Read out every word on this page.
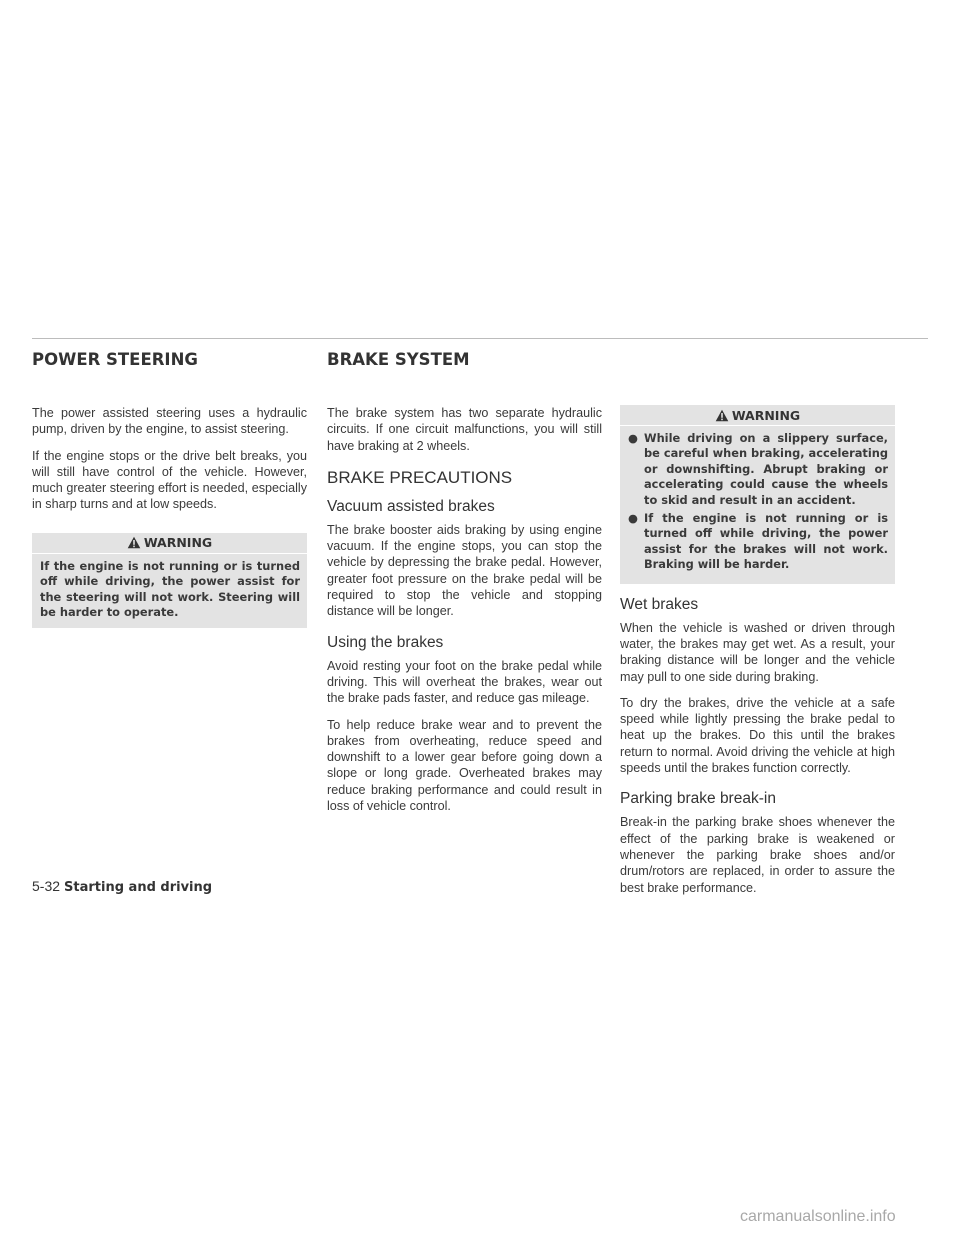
POWER STEERING	BRAKE SYSTEM

The power assisted steering uses a hydraulic pump, driven by the engine, to assist steering.

If the engine stops or the drive belt breaks, you will still have control of the vehicle. However, much greater steering effort is needed, especially in sharp turns and at low speeds.

WARNING
If the engine is not running or is turned off while driving, the power assist for the steering will not work. Steering will be harder to operate.

The brake system has two separate hydraulic circuits. If one circuit malfunctions, you will still have braking at 2 wheels.

BRAKE PRECAUTIONS
Vacuum assisted brakes

The brake booster aids braking by using engine vacuum. If the engine stops, you can stop the vehicle by depressing the brake pedal. However, greater foot pressure on the brake pedal will be required to stop the vehicle and stopping distance will be longer.

Using the brakes

Avoid resting your foot on the brake pedal while driving. This will overheat the brakes, wear out the brake pads faster, and reduce gas mileage.

To help reduce brake wear and to prevent the brakes from overheating, reduce speed and downshift to a lower gear before going down a slope or long grade. Overheated brakes may reduce braking performance and could result in loss of vehicle control.

WARNING
● While driving on a slippery surface, be careful when braking, accelerating or downshifting. Abrupt braking or accelerating could cause the wheels to skid and result in an accident.
● If the engine is not running or is turned off while driving, the power assist for the brakes will not work. Braking will be harder.
Wet brakes

When the vehicle is washed or driven through water, the brakes may get wet. As a result, your braking distance will be longer and the vehicle may pull to one side during braking.

To dry the brakes, drive the vehicle at a safe speed while lightly pressing the brake pedal to heat up the brakes. Do this until the brakes return to normal. Avoid driving the vehicle at high speeds until the brakes function correctly.

Parking brake break-in

Break-in the parking brake shoes whenever the effect of the parking brake is weakened or whenever the parking brake shoes and/or drum/rotors are replaced, in order to assure the best brake performance.

5-32 Starting and driving
carmanualsonline.info
